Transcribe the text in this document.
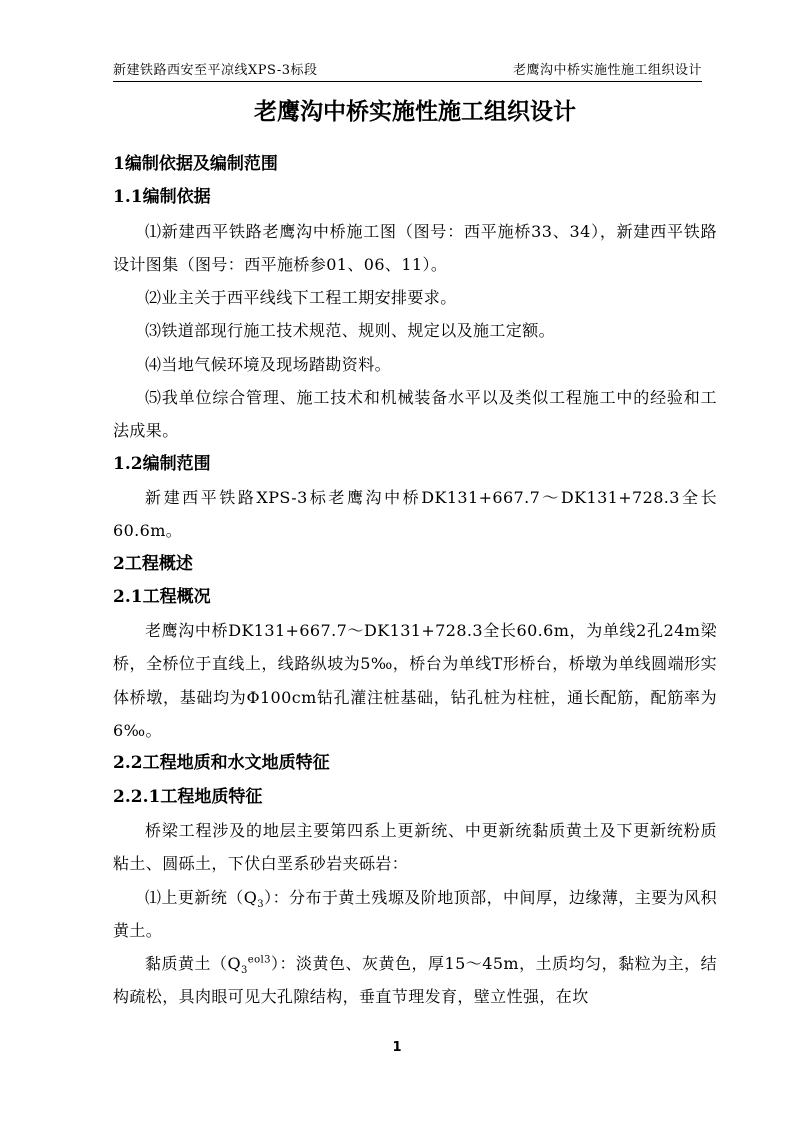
新建铁路西安至平凉线XPS-3标段	老鹰沟中桥实施性施工组织设计

老鹰沟中桥实施性施工组织设计

1编制依据及编制范围

1.1编制依据

⑴新建西平铁路老鹰沟中桥施工图（图号：西平施桥33、34），新建西平铁路设计图集（图号：西平施桥参01、06、11）。

⑵业主关于西平线线下工程工期安排要求。

⑶铁道部现行施工技术规范、规则、规定以及施工定额。

⑷当地气候环境及现场踏勘资料。

⑸我单位综合管理、施工技术和机械装备水平以及类似工程施工中的经验和工法成果。

1.2编制范围

新建西平铁路XPS-3标老鹰沟中桥DK131+667.7～DK131+728.3全长60.6m。

2工程概述

2.1工程概况

老鹰沟中桥DK131+667.7～DK131+728.3全长60.6m，为单线2孔24m梁桥，全桥位于直线上，线路纵坡为5‰，桥台为单线T形桥台，桥墩为单线圆端形实体桥墩，基础均为Φ100cm钻孔灌注桩基础，钻孔桩为柱桩，通长配筋，配筋率为6‰。

2.2工程地质和水文地质特征

2.2.1工程地质特征

桥梁工程涉及的地层主要第四系上更新统、中更新统黏质黄土及下更新统粉质粘土、圆砾土，下伏白垩系砂岩夹砾岩：

⑴上更新统$(Q_3)$：分布于黄土残塬及阶地顶部，中间厚，边缘薄，主要为风积黄土。

黏质黄土$(Q_3^{eol3})$：淡黄色、灰黄色，厚15～45m，土质均匀，黏粒为主，结构疏松，具肉眼可见大孔隙结构，垂直节理发育，壁立性强，在坎

1
